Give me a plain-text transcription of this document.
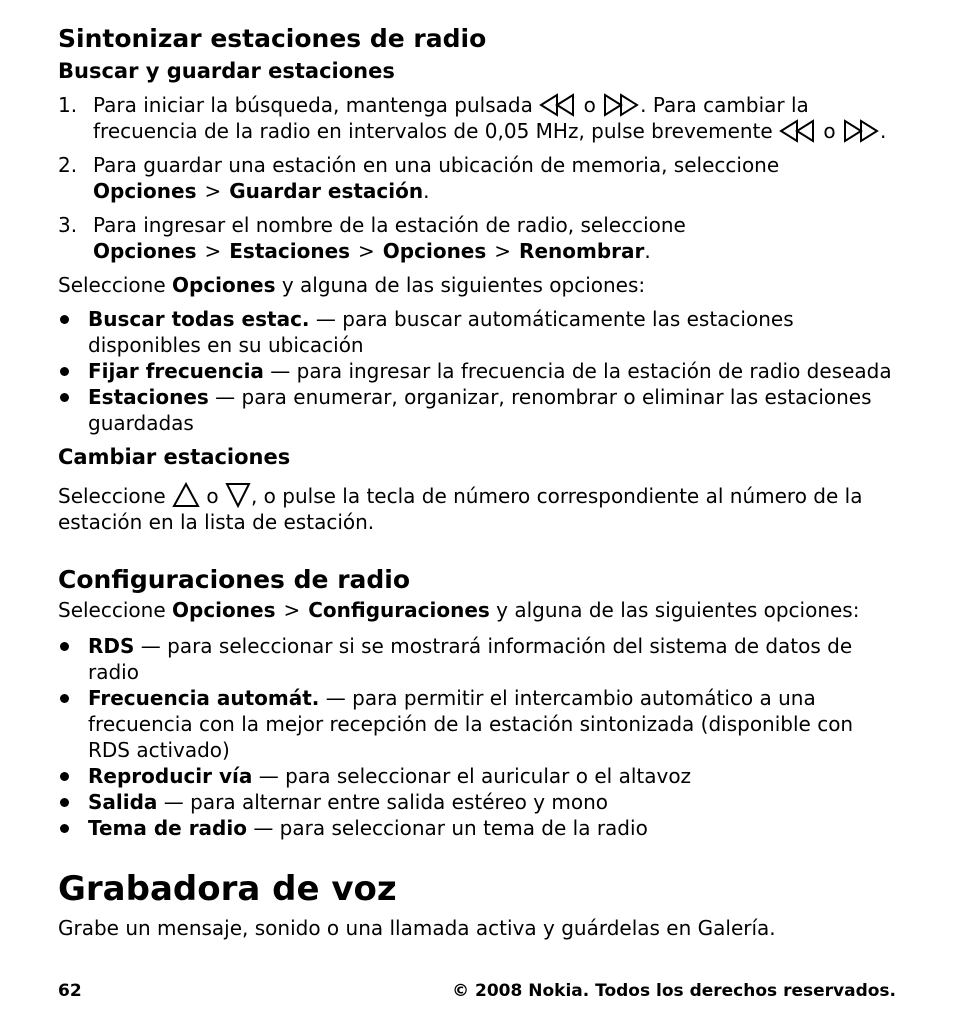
Sintonizar estaciones de radio
Buscar y guardar estaciones
1. Para iniciar la búsqueda, mantenga pulsada	o . Para cambiar la frecuencia de la radio en intervalos de 0,05 MHz, pulse brevemente	o .
2. Para guardar una estación en una ubicación de memoria, seleccione Opciones > Guardar estación.
3. Para ingresar el nombre de la estación de radio, seleccione Opciones > Estaciones > Opciones > Renombrar.

Seleccione Opciones y alguna de las siguientes opciones:

Buscar todas estac. — para buscar automáticamente las estaciones disponibles en su ubicación
Fijar frecuencia — para ingresar la frecuencia de la estación de radio deseada
Estaciones — para enumerar, organizar, renombrar o eliminar las estaciones guardadas
Cambiar estaciones

Seleccione o , o pulse la tecla de número correspondiente al número de la estación en la lista de estación.

Configuraciones de radio

Seleccione Opciones > Configuraciones y alguna de las siguientes opciones:

RDS — para seleccionar si se mostrará información del sistema de datos de radio
Frecuencia automát. — para permitir el intercambio automático a una frecuencia con la mejor recepción de la estación sintonizada (disponible con RDS activado)
Reproducir vía — para seleccionar el auricular o el altavoz
Salida — para alternar entre salida estéreo y mono
Tema de radio — para seleccionar un tema de la radio
Grabadora de voz

Grabe un mensaje, sonido o una llamada activa y guárdelas en Galería.

62	© 2008 Nokia. Todos los derechos reservados.
